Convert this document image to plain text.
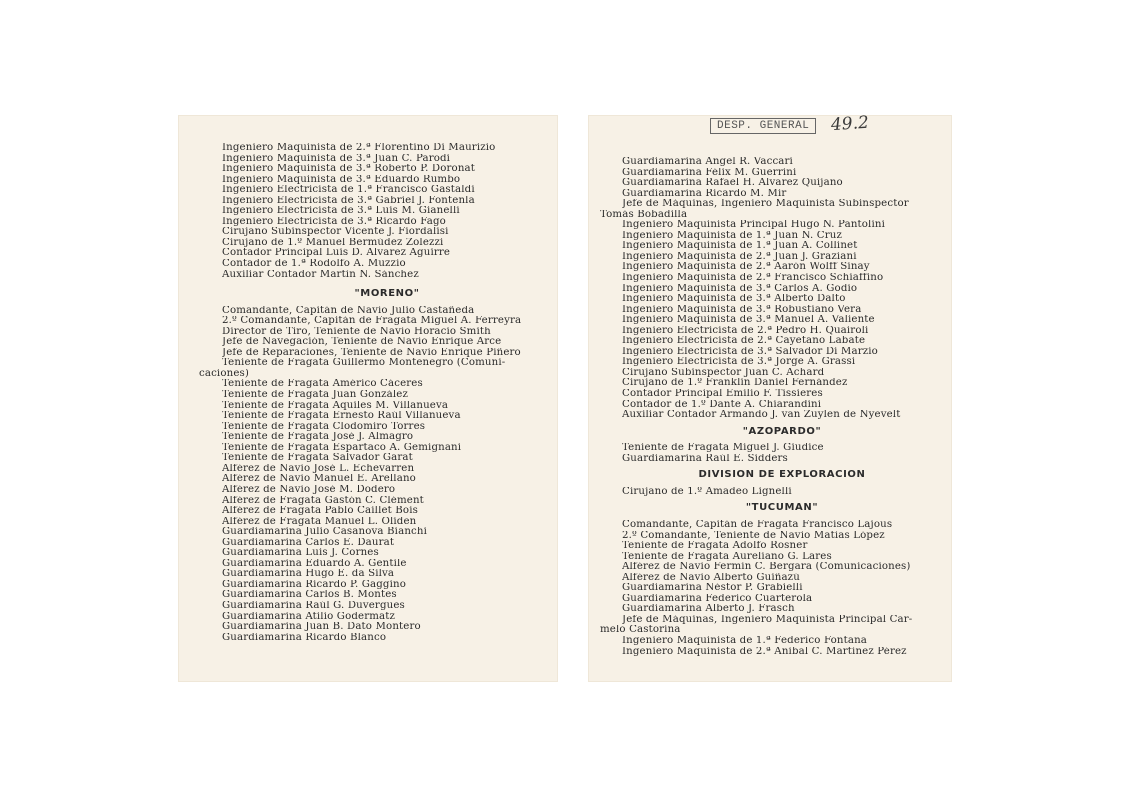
DESP. GENERAL	49.2
Ingeniero Maquinista de 2.ª Florentino Di Maurizio
Ingeniero Maquinista de 3.ª Juan C. Parodi
Ingeniero Maquinista de 3.ª Roberto P. Doronat
Ingeniero Maquinista de 3.ª Eduardo Rumbo
Ingeniero Electricista de 1.ª Francisco Gastaldi
Ingeniero Electricista de 3.ª Gabriel J. Fontenla
Ingeniero Electricista de 3.ª Luis M. Gianelli
Ingeniero Electricista de 3.ª Ricardo Fago
Cirujano Subinspector Vicente J. Fiordalisi
Cirujano de 1.º Manuel Bermúdez Zolezzi
Contador Principal Luis D. Alvarez Aguirre
Contador de 1.ª Rodolfo A. Muzzio
Auxiliar Contador Martín N. Sánchez
"MORENO"
Comandante, Capitán de Navío Julio Castañeda
2.º Comandante, Capitán de Fragata Miguel A. Ferreyra
Director de Tiro, Teniente de Navío Horacio Smith
Jefe de Navegación, Teniente de Navío Enrique Arce
Jefe de Reparaciones, Teniente de Navío Enrique Piñero
Teniente de Fragata Guillermo Montenegro (Comuni-
caciones)
Teniente de Fragata Américo Cáceres
Teniente de Fragata Juan González
Teniente de Fragata Aquiles M. Villanueva
Teniente de Fragata Ernesto Raúl Villanueva
Teniente de Fragata Clodomiro Torres
Teniente de Fragata José J. Almagro
Teniente de Fragata Espartaco A. Gemignani
Teniente de Fragata Salvador Garat
Alférez de Navío José L. Echevarren
Alférez de Navío Manuel E. Arellano
Alférez de Navío José M. Dodero
Alférez de Fragata Gastón C. Clément
Alférez de Fragata Pablo Caillet Bois
Alférez de Fragata Manuel L. Oliden
Guardiamarina Julio Casanova Bianchi
Guardiamarina Carlos E. Daurat
Guardiamarina Luis J. Cornes
Guardiamarina Eduardo A. Gentile
Guardiamarina Hugo E. da Silva
Guardiamarina Ricardo P. Gaggino
Guardiamarina Carlos B. Montes
Guardiamarina Raúl G. Duvergues
Guardiamarina Atilio Godermatz
Guardiamarina Juan B. Dato Montero
Guardiamarina Ricardo Blanco
Guardiamarina Angel R. Vaccari
Guardiamarina Félix M. Guerrini
Guardiamarina Rafael H. Alvarez Quijano
Guardiamarina Ricardo M. Mir
Jefe de Máquinas, Ingeniero Maquinista Subinspector
Tomás Bobadilla
Ingeniero Maquinista Principal Hugo N. Pantolini
Ingeniero Maquinista de 1.ª Juan N. Cruz
Ingeniero Maquinista de 1.ª Juan A. Collinet
Ingeniero Maquinista de 2.ª Juan J. Graziani
Ingeniero Maquinista de 2.ª Aarón Wolff Sinay
Ingeniero Maquinista de 2.ª Francisco Schiaffino
Ingeniero Maquinista de 3.ª Carlos A. Godio
Ingeniero Maquinista de 3.ª Alberto Dalto
Ingeniero Maquinista de 3.ª Robustiano Vera
Ingeniero Maquinista de 3.ª Manuel A. Valiente
Ingeniero Electricista de 2.ª Pedro H. Quairoli
Ingeniero Electricista de 2.ª Cayetano Labate
Ingeniero Electricista de 3.ª Salvador Di Marzio
Ingeniero Electricista de 3.ª Jorge A. Grassi
Cirujano Subinspector Juan C. Achard
Cirujano de 1.º Franklin Daniel Fernández
Contador Principal Emilio F. Tissieres
Contador de 1.º Dante A. Chiarandini
Auxiliar Contador Armando J. van Zuylen de Nyevelt
"AZOPARDO"
Teniente de Fragata Miguel J. Giudice
Guardiamarina Raúl E. Sidders
DIVISION DE EXPLORACION
Cirujano de 1.º Amadeo Lignelli
"TUCUMAN"
Comandante, Capitán de Fragata Francisco Lajous
2.º Comandante, Teniente de Navío Matías López
Teniente de Fragata Adolfo Rosner
Teniente de Fragata Aureliano G. Lares
Alférez de Navío Fermín C. Bergara (Comunicaciones)
Alférez de Navío Alberto Guiñazú
Guardiamarina Néstor P. Grabielli
Guardiamarina Federico Cuarterola
Guardiamarina Alberto J. Frasch
Jefe de Máquinas, Ingeniero Maquinista Principal Car-
melo Castorina
Ingeniero Maquinista de 1.ª Federico Fontana
Ingeniero Maquinista de 2.ª Aníbal C. Martínez Pérez
